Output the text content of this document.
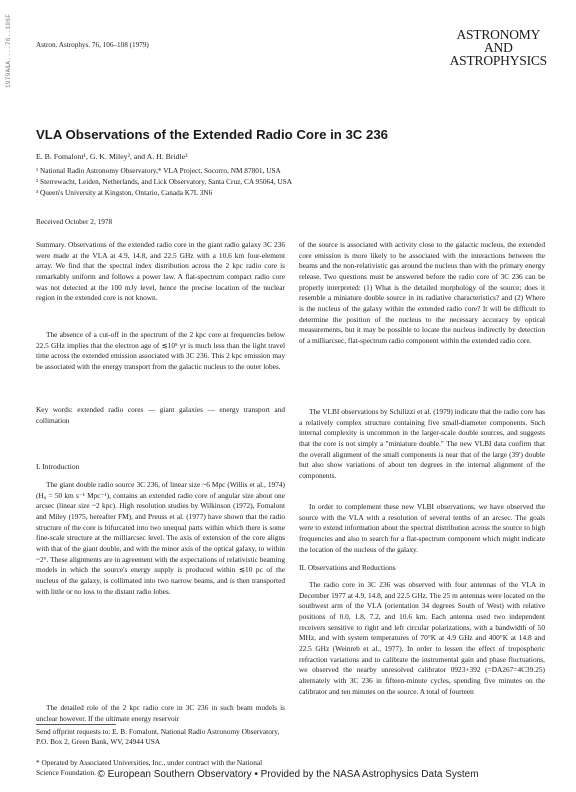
1979A&A....76..106F	Astron. Astrophys. 76, 106–108 (1979)
ASTRONOMY
AND
ASTROPHYSICS
VLA Observations of the Extended Radio Core in 3C 236
E. B. Fomalont¹, G. K. Miley², and A. H. Bridle³
¹ National Radio Astronomy Observatory,* VLA Project, Socorro, NM 87801, USA
² Sterrewacht, Leiden, Netherlands, and Lick Observatory, Santa Cruz, CA 95064, USA
³ Queen's University at Kingston, Ontario, Canada K7L 3N6
Received October 2, 1978

Summary. Observations of the extended radio core in the giant radio galaxy 3C 236 were made at the VLA at 4.9, 14.8, and 22.5 GHz with a 10.6 km four-element array. We find that the spectral index distribution across the 2 kpc radio core is remarkably uniform and follows a power law. A flat-spectrum compact radio core was not detected at the 100 mJy level, hence the precise location of the nuclear region in the extended core is not known.

The absence of a cut-off in the spectrum of the 2 kpc core at frequencies below 22.5 GHz implies that the electron age of ≲10⁵ yr is much less than the light travel time across the extended emission associated with 3C 236. This 2 kpc emission may be associated with the energy transport from the galactic nucleus to the outer lobes.

Key words: extended radio cores — giant galaxies — energy transport and collimation

I. Introduction

The giant double radio source 3C 236, of linear size ~6 Mpc (Willis et al., 1974) (H₀ = 50 km s⁻¹ Mpc⁻¹), contains an extended radio core of angular size about one arcsec (linear size ~2 kpc). High resolution studies by Wilkinson (1972), Fomalont and Miley (1975, hereafter FM), and Preuss et al. (1977) have shown that the radio structure of the core is bifurcated into two unequal parts within which there is some fine-scale structure at the milliarcsec level. The axis of extension of the core aligns with that of the giant double, and with the minor axis of the optical galaxy, to within ~2°. These alignments are in agreement with the expectations of relativistic beaming models in which the source's energy supply is produced within ≲10 pc of the nucleus of the galaxy, is collimated into two narrow beams, and is then transported with little or no loss to the distant radio lobes.

The detailed role of the 2 kpc radio core in 3C 236 in such beam models is unclear however. If the ultimate energy reservoir

Send offprint requests to: E. B. Fomalont, National Radio Astronomy Observatory, P.O. Box 2, Green Bank, WV, 24944 USA
* Operated by Associated Universities, Inc., under contract with the National Science Foundation.

of the source is associated with activity close to the galactic nucleus, the extended core emission is more likely to be associated with the interactions between the beams and the non-relativistic gas around the nucleus than with the primary energy release. Two questions must be answered before the radio core of 3C 236 can be properly interpreted: (1) What is the detailed morphology of the source; does it resemble a miniature double source in its radiative characteristics? and (2) Where is the nucleus of the galaxy within the extended radio core? It will be difficult to determine the position of the nucleus to the necessary accuracy by optical measurements, but it may be possible to locate the nucleus indirectly by detection of a milliarcsec, flat-spectrum radio component within the extended radio core.

The VLBI observations by Schilizzi et al. (1979) indicate that the radio core has a relatively complex structure containing five small-diameter components. Such internal complexity is uncommon in the larger-scale double sources, and suggests that the core is not simply a "miniature double." The new VLBI data confirm that the overall alignment of the small components is near that of the large (39′) double but also show variations of about ten degrees in the internal alignment of the components.

In order to complement these new VLBI observations, we have observed the source with the VLA with a resolution of several tenths of an arcsec. The goals were to extend information about the spectral distribution across the source to high frequencies and also to search for a flat-spectrum component which might indicate the location of the nucleus of the galaxy.

II. Observations and Reductions

The radio core in 3C 236 was observed with four antennas of the VLA in December 1977 at 4.9, 14.8, and 22.5 GHz. The 25 m antennas were located on the southwest arm of the VLA (orientation 34 degrees South of West) with relative positions of 0.0, 1.8, 7.2, and 10.6 km. Each antenna used two independent receivers sensitive to right and left circular polarizations, with a bandwidth of 50 MHz, and with system temperatures of 70°K at 4.9 GHz and 400°K at 14.8 and 22.5 GHz (Weinreb et al., 1977). In order to lessen the effect of tropospheric refraction variations and to calibrate the instrumental gain and phase fluctuations, we observed the nearby unresolved calibrator 0923+392 (=DA267=4C39.25) alternately with 3C 236 in fifteen-minute cycles, spending five minutes on the calibrator and ten minutes on the source. A total of fourteen

© European Southern Observatory • Provided by the NASA Astrophysics Data System
